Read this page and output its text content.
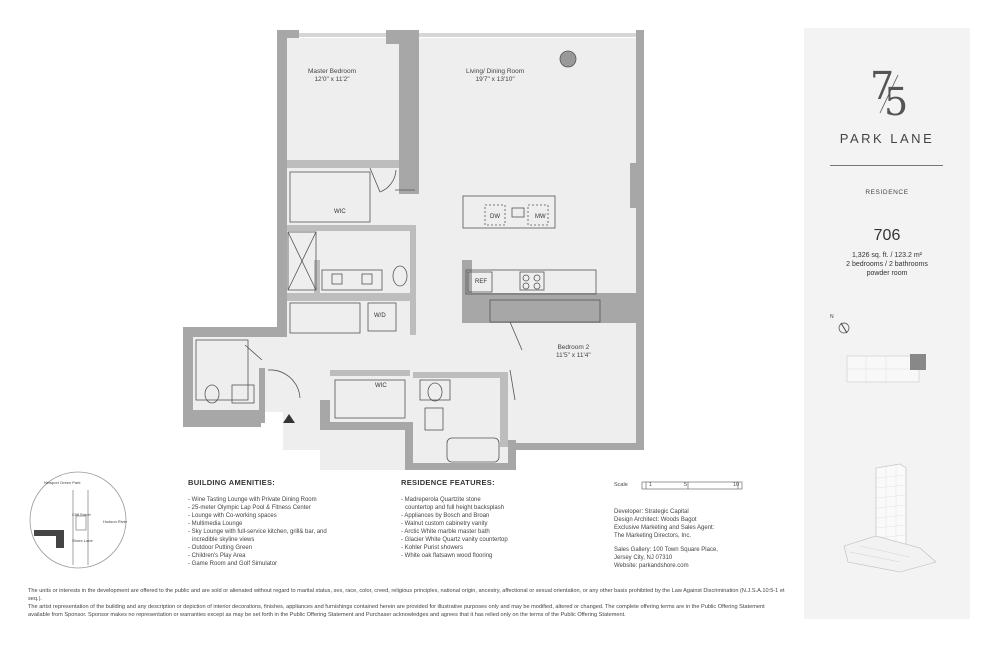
Master Bedroom
12'0" x 11'2"
Living/ Dining Room
19'7" x 13'10"
Bedroom 2
11'5" x 11'4"
WIC
WIC
DW	MW
REF
W/D
Newport Green Park
Cliff Street
Shore Lane
Hudson River
BUILDING AMENITIES:
- Wine Tasting Lounge with Private Dining Room
- 25-meter Olympic Lap Pool & Fitness Center
- Lounge with Co-working spaces
- Multimedia Lounge
- Sky Lounge with full-service kitchen, grill& bar, and
incredible skyline views
- Outdoor Putting Green
- Children's Play Area
- Game Room and Golf Simulator
RESIDENCE FEATURES:
- Madreperola Quartzite stone
countertop and full height backsplash
- Appliances by Bosch and Broan
- Walnut custom cabinetry vanity
- Arctic White marble master bath
- Glacier White Quartz vanity countertop
- Kohler Purist showers
- White oak flatsawn wood flooring
Scale	1	5	10
Developer: Strategic Capital
Design Architect: Woods Bagot
Exclusive Marketing and Sales Agent:
The Marketing Directors, Inc.
Sales Gallery: 100 Town Square Place,
Jersey City, NJ 07310
Website: parkandshore.com
7
5
PARK LANE
RESIDENCE
706
1,326 sq. ft. / 123.2 m²
2 bedrooms / 2 bathrooms
powder room
N
The units or interests in the development are offered to the public and are sold or alienated without regard to marital status, sex, race, color, creed, religious principles, national origin, ancestry, affectional or sexual orientation, or any other basis prohibited by the Law Against Discrimination (N.J.S.A.10:5-1 et seq.).
The artist representation of the building and any description or depiction of interior decorations, finishes, appliances and furnishings contained herein are provided for illustrative purposes only and may be modified, altered or changed. The complete offering terms are in the Public Offering Statement available from Sponsor. Sponsor makes no representation or warranties except as may be set forth in the Public Offering Statement and Purchaser acknowledges and agrees that it has relied only on the terms of the Public Offering Statement.
